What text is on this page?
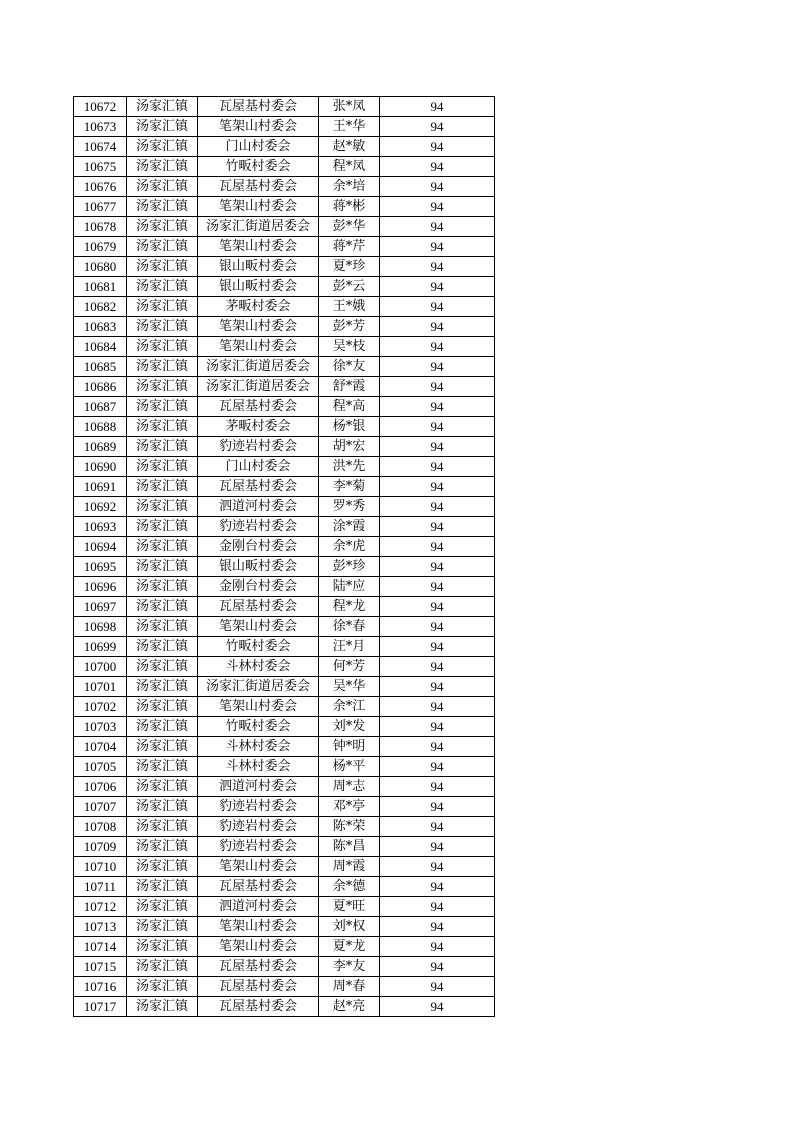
10672	汤家汇镇	瓦屋基村委会	张*凤	94
10673	汤家汇镇	笔架山村委会	王*华	94
10674	汤家汇镇	门山村委会	赵*敏	94
10675	汤家汇镇	竹畈村委会	程*凤	94
10676	汤家汇镇	瓦屋基村委会	余*培	94
10677	汤家汇镇	笔架山村委会	蒋*彬	94
10678	汤家汇镇	汤家汇街道居委会	彭*华	94
10679	汤家汇镇	笔架山村委会	蒋*芹	94
10680	汤家汇镇	银山畈村委会	夏*珍	94
10681	汤家汇镇	银山畈村委会	彭*云	94
10682	汤家汇镇	茅畈村委会	王*娥	94
10683	汤家汇镇	笔架山村委会	彭*芳	94
10684	汤家汇镇	笔架山村委会	吴*枝	94
10685	汤家汇镇	汤家汇街道居委会	徐*友	94
10686	汤家汇镇	汤家汇街道居委会	舒*霞	94
10687	汤家汇镇	瓦屋基村委会	程*高	94
10688	汤家汇镇	茅畈村委会	杨*银	94
10689	汤家汇镇	豹迹岩村委会	胡*宏	94
10690	汤家汇镇	门山村委会	洪*先	94
10691	汤家汇镇	瓦屋基村委会	李*菊	94
10692	汤家汇镇	泗道河村委会	罗*秀	94
10693	汤家汇镇	豹迹岩村委会	涂*霞	94
10694	汤家汇镇	金刚台村委会	余*虎	94
10695	汤家汇镇	银山畈村委会	彭*珍	94
10696	汤家汇镇	金刚台村委会	陆*应	94
10697	汤家汇镇	瓦屋基村委会	程*龙	94
10698	汤家汇镇	笔架山村委会	徐*春	94
10699	汤家汇镇	竹畈村委会	汪*月	94
10700	汤家汇镇	斗林村委会	何*芳	94
10701	汤家汇镇	汤家汇街道居委会	吴*华	94
10702	汤家汇镇	笔架山村委会	余*江	94
10703	汤家汇镇	竹畈村委会	刘*发	94
10704	汤家汇镇	斗林村委会	钟*明	94
10705	汤家汇镇	斗林村委会	杨*平	94
10706	汤家汇镇	泗道河村委会	周*志	94
10707	汤家汇镇	豹迹岩村委会	邓*亭	94
10708	汤家汇镇	豹迹岩村委会	陈*荣	94
10709	汤家汇镇	豹迹岩村委会	陈*昌	94
10710	汤家汇镇	笔架山村委会	周*霞	94
10711	汤家汇镇	瓦屋基村委会	余*德	94
10712	汤家汇镇	泗道河村委会	夏*旺	94
10713	汤家汇镇	笔架山村委会	刘*权	94
10714	汤家汇镇	笔架山村委会	夏*龙	94
10715	汤家汇镇	瓦屋基村委会	李*友	94
10716	汤家汇镇	瓦屋基村委会	周*春	94
10717	汤家汇镇	瓦屋基村委会	赵*亮	94
